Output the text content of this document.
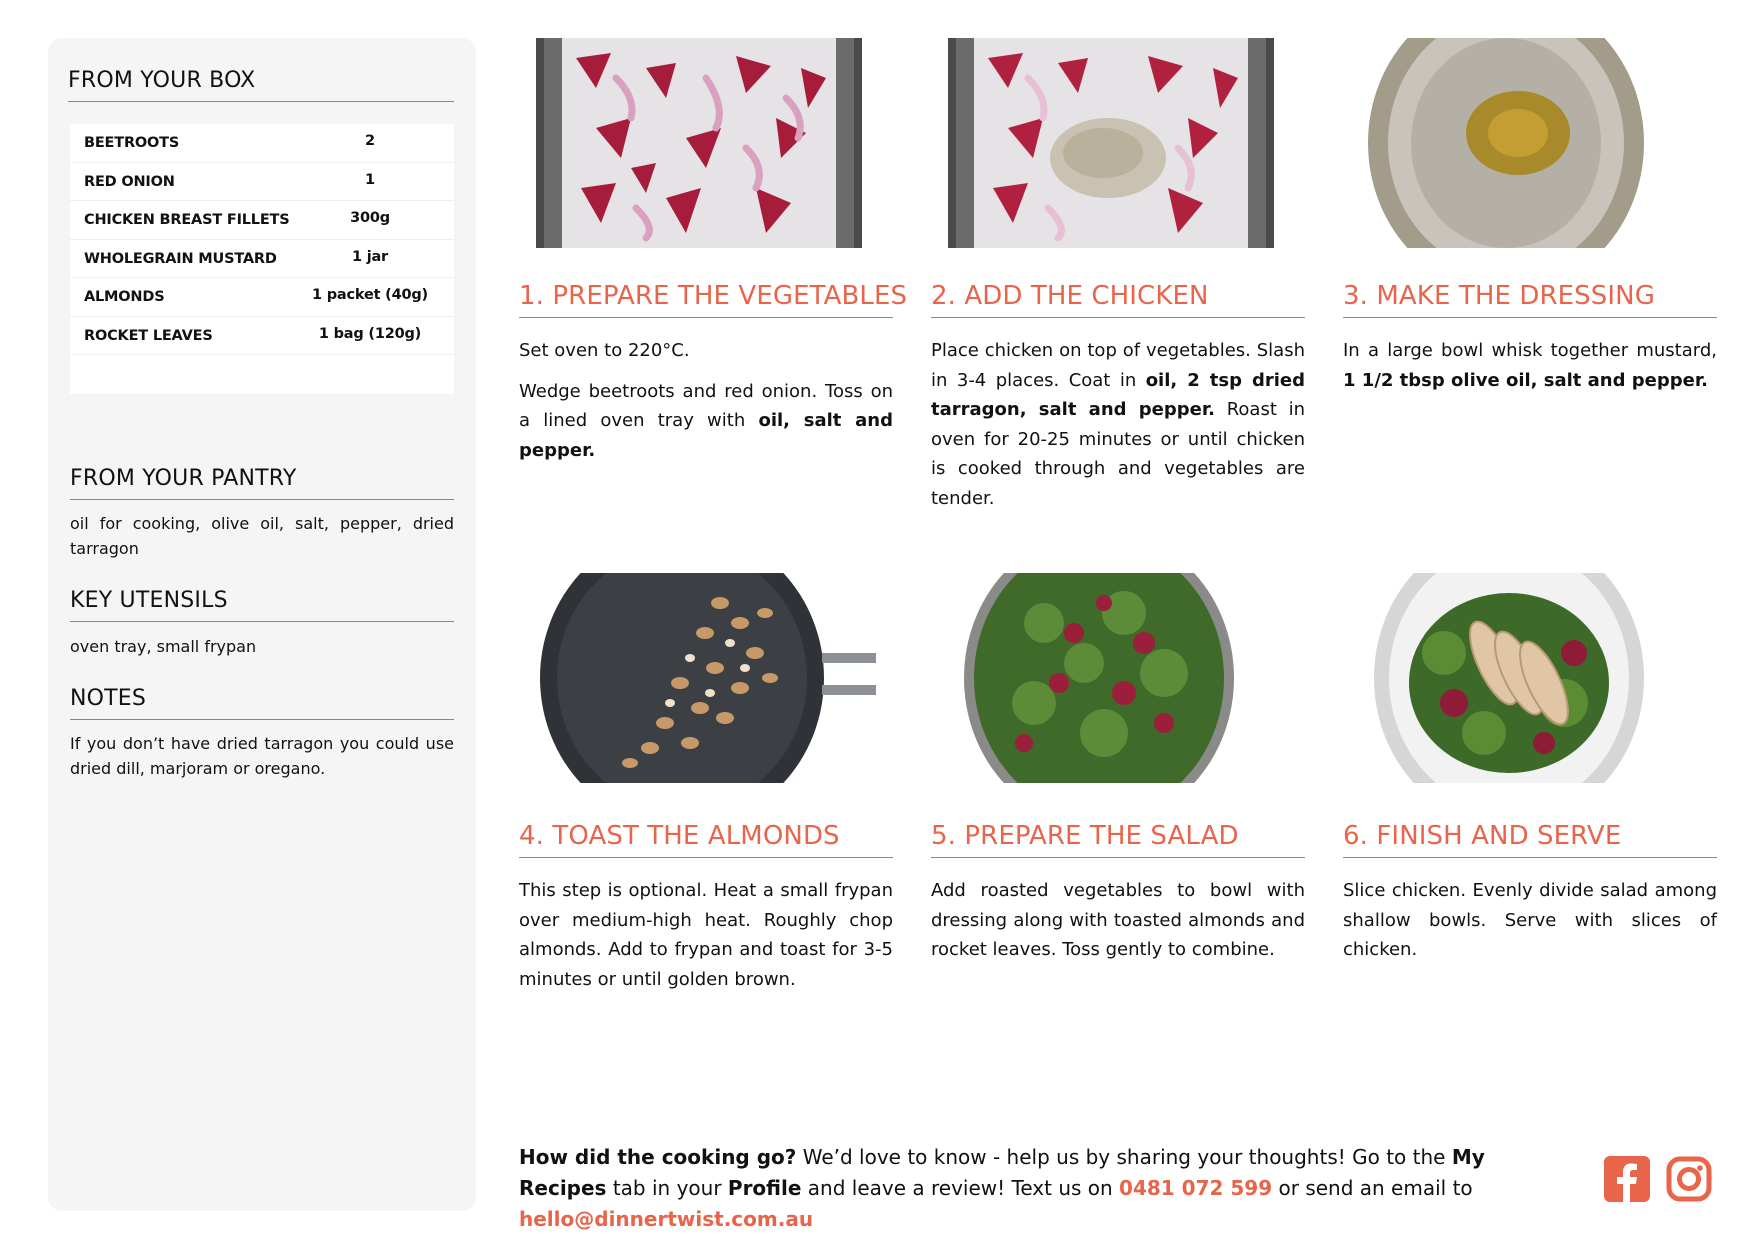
FROM YOUR BOX
BEETROOTS	2
RED ONION	1
CHICKEN BREAST FILLETS	300g
WHOLEGRAIN MUSTARD	1 jar
ALMONDS	1 packet (40g)
ROCKET LEAVES	1 bag (120g)
FROM YOUR PANTRY
oil for cooking, olive oil, salt, pepper, dried tarragon
KEY UTENSILS
oven tray, small frypan
NOTES
If you don’t have dried tarragon you could use dried dill, marjoram or oregano.
1. PREPARE THE VEGETABLES

Set oven to 220°C.

Wedge beetroots and red onion. Toss on a lined oven tray with oil, salt and pepper.

2. ADD THE CHICKEN

Place chicken on top of vegetables. Slash in 3-4 places. Coat in oil, 2 tsp dried tarragon, salt and pepper. Roast in oven for 20-25 minutes or until chicken is cooked through and vegetables are tender.

3. MAKE THE DRESSING

In a large bowl whisk together mustard, 1 1/2 tbsp olive oil, salt and pepper.

4. TOAST THE ALMONDS

This step is optional. Heat a small frypan over medium-high heat. Roughly chop almonds. Add to frypan and toast for 3-5 minutes or until golden brown.

5. PREPARE THE SALAD

Add roasted vegetables to bowl with dressing along with toasted almonds and rocket leaves. Toss gently to combine.

6. FINISH AND SERVE

Slice chicken. Evenly divide salad among shallow bowls. Serve with slices of chicken.

How did the cooking go? We’d love to know - help us by sharing your thoughts! Go to the My Recipes tab in your Profile and leave a review! Text us on 0481 072 599 or send an email to hello@dinnertwist.com.au
